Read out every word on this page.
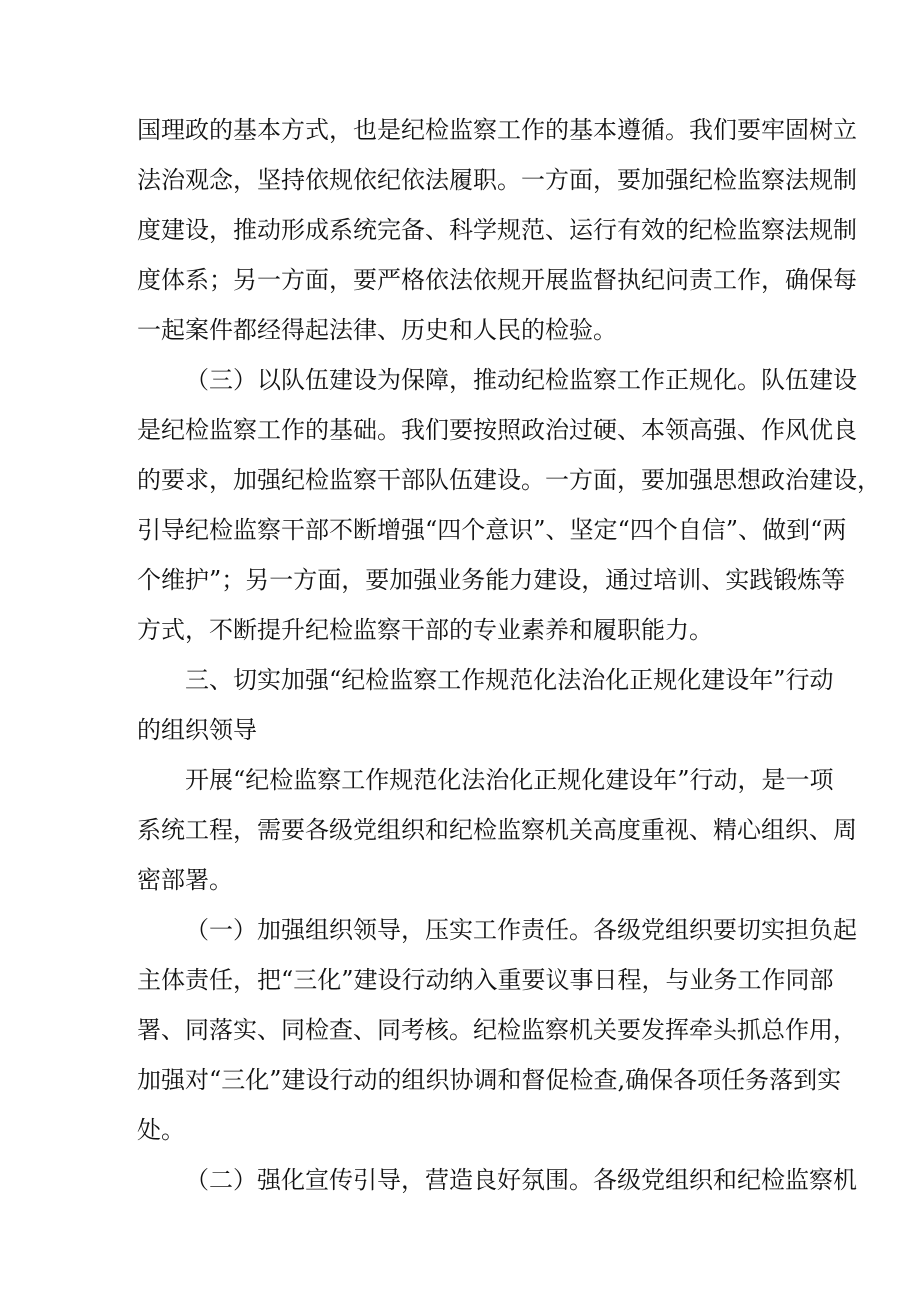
国理政的基本方式，也是纪检监察工作的基本遵循。我们要牢固树立
法治观念，坚持依规依纪依法履职。一方面，要加强纪检监察法规制
度建设，推动形成系统完备、科学规范、运行有效的纪检监察法规制
度体系；另一方面，要严格依法依规开展监督执纪问责工作，确保每
一起案件都经得起法律、历史和人民的检验。
（三）以队伍建设为保障，推动纪检监察工作正规化。队伍建设
是纪检监察工作的基础。我们要按照政治过硬、本领高强、作风优良
的要求，加强纪检监察干部队伍建设。一方面，要加强思想政治建设，
引导纪检监察干部不断增强“四个意识”、坚定“四个自信”、做到“两
个维护”；另一方面，要加强业务能力建设，通过培训、实践锻炼等
方式，不断提升纪检监察干部的专业素养和履职能力。
三、切实加强“纪检监察工作规范化法治化正规化建设年”行动
的组织领导
开展“纪检监察工作规范化法治化正规化建设年”行动，是一项
系统工程，需要各级党组织和纪检监察机关高度重视、精心组织、周
密部署。
（一）加强组织领导，压实工作责任。各级党组织要切实担负起
主体责任，把“三化”建设行动纳入重要议事日程，与业务工作同部
署、同落实、同检查、同考核。纪检监察机关要发挥牵头抓总作用，
加强对“三化”建设行动的组织协调和督促检查,确保各项任务落到实
处。
（二）强化宣传引导，营造良好氛围。各级党组织和纪检监察机
